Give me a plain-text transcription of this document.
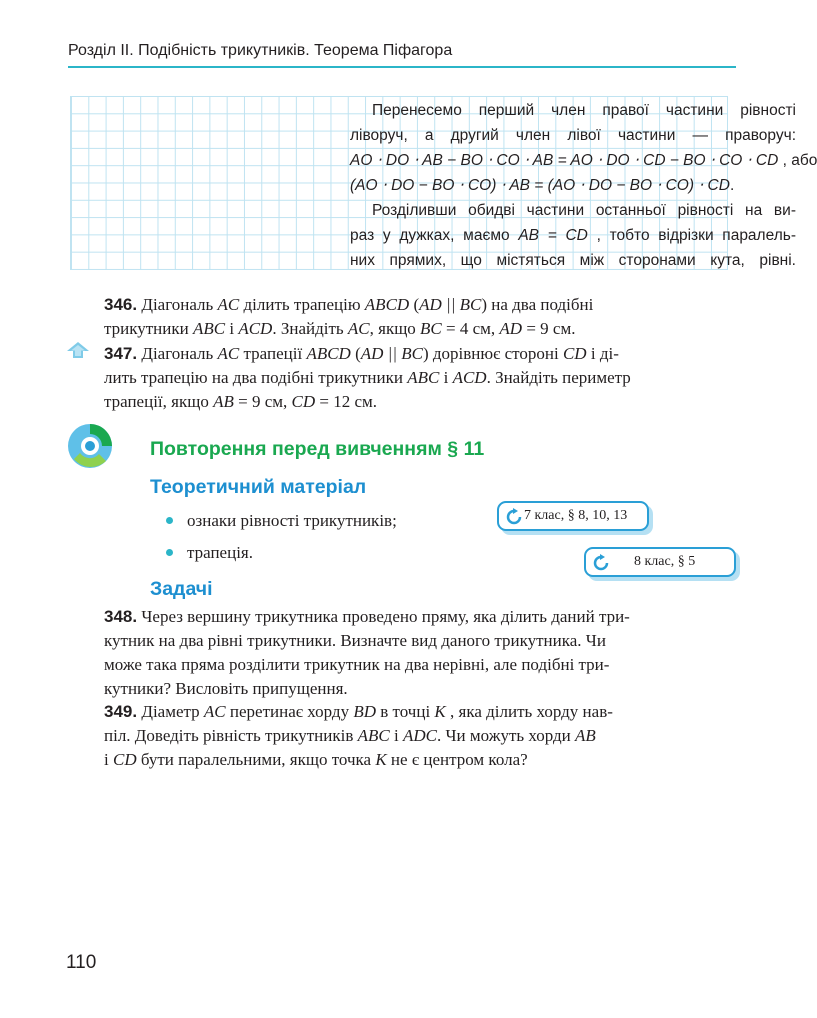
Розділ ІІ. Подібність трикутників. Теорема Піфагора
Перенесемо перший член правої частини рівності
ліворуч, а другий член лівої частини — праворуч:
AO ⋅ DO ⋅ AB − BO ⋅ CO ⋅ AB = AO ⋅ DO ⋅ CD − BO ⋅ CO ⋅ CD , або
(AO ⋅ DO − BO ⋅ CO) ⋅ AB = (AO ⋅ DO − BO ⋅ CO) ⋅ CD.
Розділивши обидві частини останньої рівності на ви-
раз у дужках, маємо AB = CD , тобто відрізки паралель-
них прямих, що містяться між сторонами кута, рівні.
346. Діагональ AC ділить трапецію ABCD (AD || BC) на два подібні
трикутники ABC і ACD. Знайдіть AC, якщо BC = 4 см, AD = 9 см.
347. Діагональ AC трапеції ABCD (AD || BC) дорівнює стороні CD і ді-
лить трапецію на два подібні трикутники ABC і ACD. Знайдіть периметр
трапеції, якщо AB = 9 см, CD = 12 см.
Повторення перед вивченням § 11
Теоретичний матеріал
ознаки рівності трикутників;
трапеція.
7 клас, § 8, 10, 13
8 клас, § 5
Задачі
348. Через вершину трикутника проведено пряму, яка ділить даний три-
кутник на два рівні трикутники. Визначте вид даного трикутника. Чи
може така пряма розділити трикутник на два нерівні, але подібні три-
кутники? Висловіть припущення.
349. Діаметр AC перетинає хорду BD в точці K , яка ділить хорду нав-
піл. Доведіть рівність трикутників ABC і ADC. Чи можуть хорди AB
і CD бути паралельними, якщо точка K не є центром кола?
110
